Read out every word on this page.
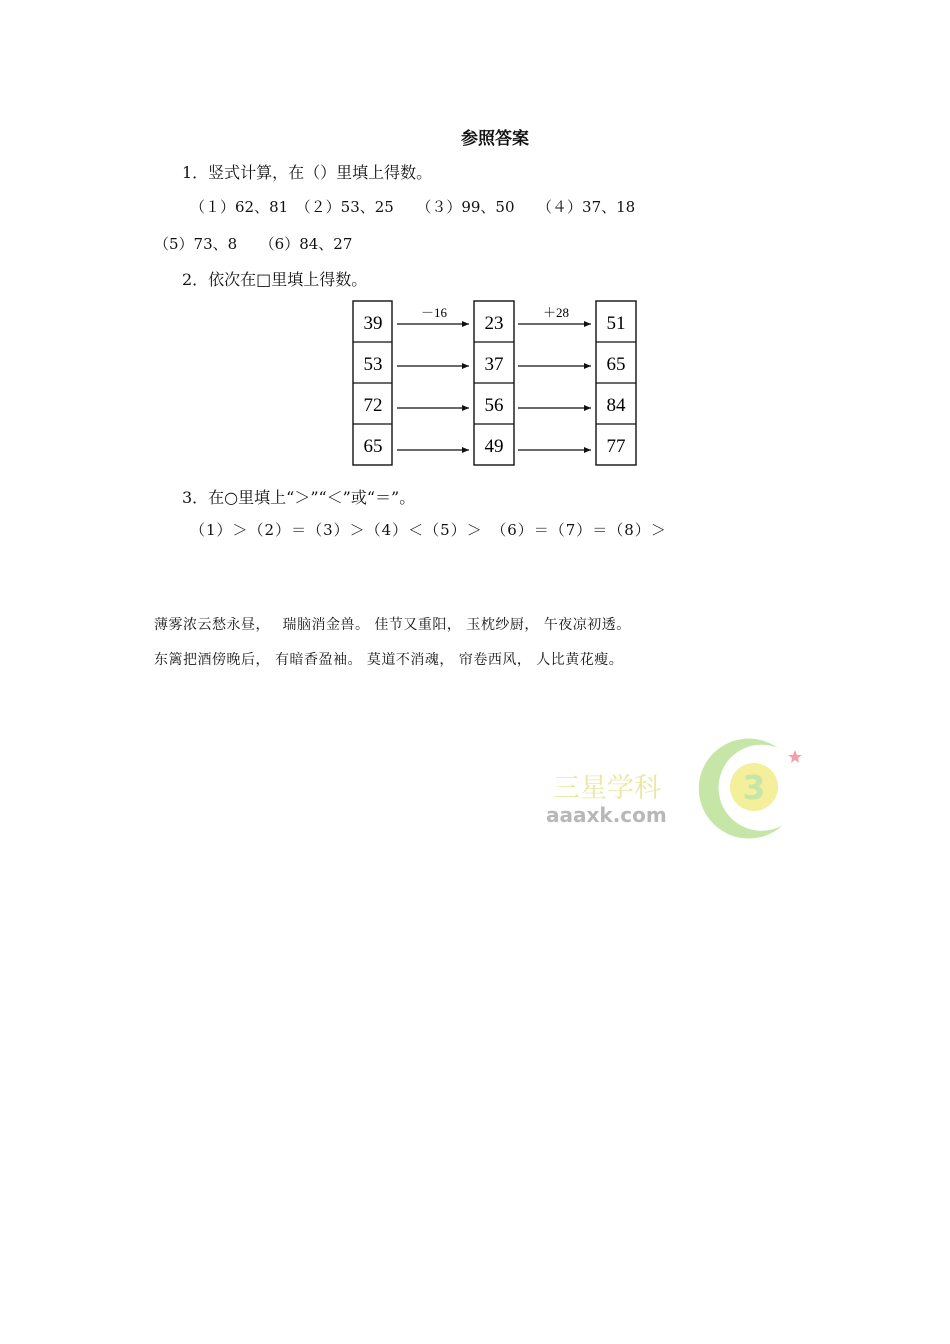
参照答案
1．竖式计算，在（）里填上得数。
（１）62、81　（２）53、25　　（３）99、50　　（４）37、18
（5）73、8　　（6）84、27
2．依次在□里填上得数。
－16	＋28
39
53
72
65
23
37
56
49
51
65
84
77
3．在○里填上“＞”“＜”或“＝”。
（1）＞（2）＝（3）＞（4）＜（5）＞　（6）＝（7）＝（8）＞
薄雾浓云愁永昼，　 瑞脑消金兽。 佳节又重阳， 玉枕纱厨， 午夜凉初透。
东篱把酒傍晚后， 有暗香盈袖。 莫道不消魂， 帘卷西风， 人比黄花瘦。
三星学科
aaaxk.com
3
